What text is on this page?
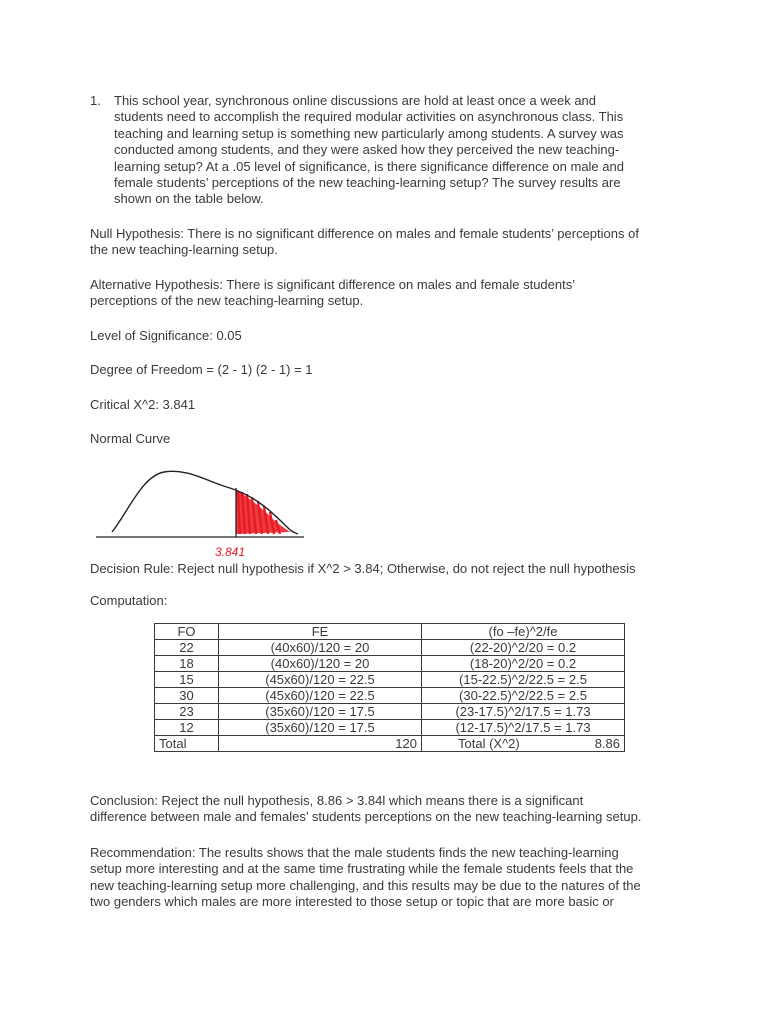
1. This school year, synchronous online discussions are hold at least once a week and
students need to accomplish the required modular activities on asynchronous class. This
teaching and learning setup is something new particularly among students. A survey was
conducted among students, and they were asked how they perceived the new teaching-
learning setup? At a .05 level of significance, is there significance difference on male and
female students’ perceptions of the new teaching-learning setup? The survey results are
shown on the table below.
Null Hypothesis: There is no significant difference on males and female students’ perceptions of
the new teaching-learning setup.
Alternative Hypothesis: There is significant difference on males and female students’
perceptions of the new teaching-learning setup.
Level of Significance: 0.05
Degree of Freedom = (2 - 1) (2 - 1) = 1
Critical X^2: 3.841
Normal Curve
3.841
Decision Rule: Reject null hypothesis if X^2 > 3.84; Otherwise, do not reject the null hypothesis
Computation:
FO	FE	(fo –fe)^2/fe
22	(40x60)/120 = 20	(22-20)^2/20 = 0.2
18	(40x60)/120 = 20	(18-20)^2/20 = 0.2
15	(45x60)/120 = 22.5	(15-22.5)^2/22.5 = 2.5
30	(45x60)/120 = 22.5	(30-22.5)^2/22.5 = 2.5
23	(35x60)/120 = 17.5	(23-17.5)^2/17.5 = 1.73
12	(35x60)/120 = 17.5	(12-17.5)^2/17.5 = 1.73
Total	120	Total (X^2) 8.86
Conclusion: Reject the null hypothesis, 8.86 > 3.84l which means there is a significant
difference between male and females’ students perceptions on the new teaching-learning setup.
Recommendation: The results shows that the male students finds the new teaching-learning
setup more interesting and at the same time frustrating while the female students feels that the
new teaching-learning setup more challenging, and this results may be due to the natures of the
two genders which males are more interested to those setup or topic that are more basic or
